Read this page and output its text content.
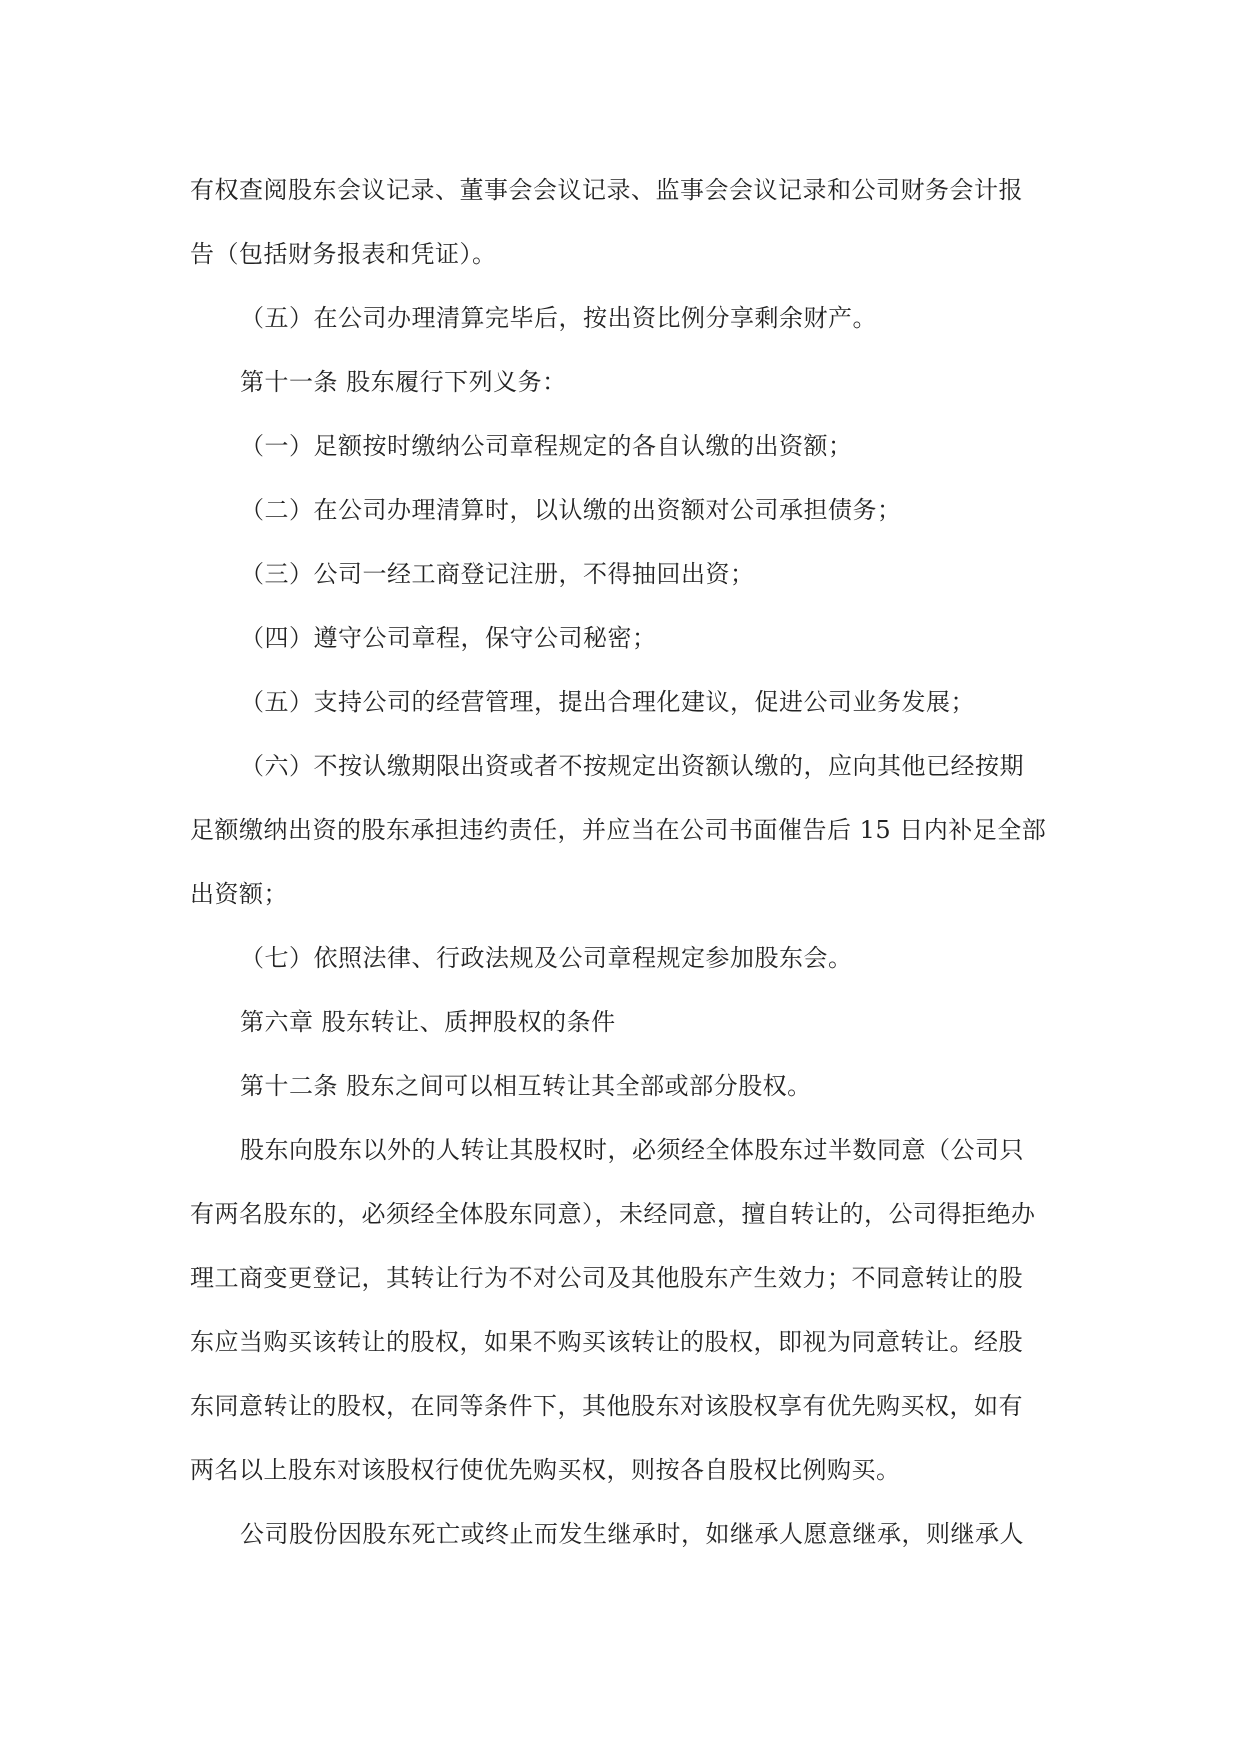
有权查阅股东会议记录、董事会会议记录、监事会会议记录和公司财务会计报
告（包括财务报表和凭证）。
（五）在公司办理清算完毕后，按出资比例分享剩余财产。
第十一条 股东履行下列义务：
（一）足额按时缴纳公司章程规定的各自认缴的出资额；
（二）在公司办理清算时，以认缴的出资额对公司承担债务；
（三）公司一经工商登记注册，不得抽回出资；
（四）遵守公司章程，保守公司秘密；
（五）支持公司的经营管理，提出合理化建议，促进公司业务发展；
（六）不按认缴期限出资或者不按规定出资额认缴的，应向其他已经按期
足额缴纳出资的股东承担违约责任，并应当在公司书面催告后 15 日内补足全部
出资额；
（七）依照法律、行政法规及公司章程规定参加股东会。
第六章 股东转让、质押股权的条件
第十二条 股东之间可以相互转让其全部或部分股权。
股东向股东以外的人转让其股权时，必须经全体股东过半数同意（公司只
有两名股东的，必须经全体股东同意），未经同意，擅自转让的，公司得拒绝办
理工商变更登记，其转让行为不对公司及其他股东产生效力；不同意转让的股
东应当购买该转让的股权，如果不购买该转让的股权，即视为同意转让。经股
东同意转让的股权，在同等条件下，其他股东对该股权享有优先购买权，如有
两名以上股东对该股权行使优先购买权，则按各自股权比例购买。
公司股份因股东死亡或终止而发生继承时，如继承人愿意继承，则继承人
